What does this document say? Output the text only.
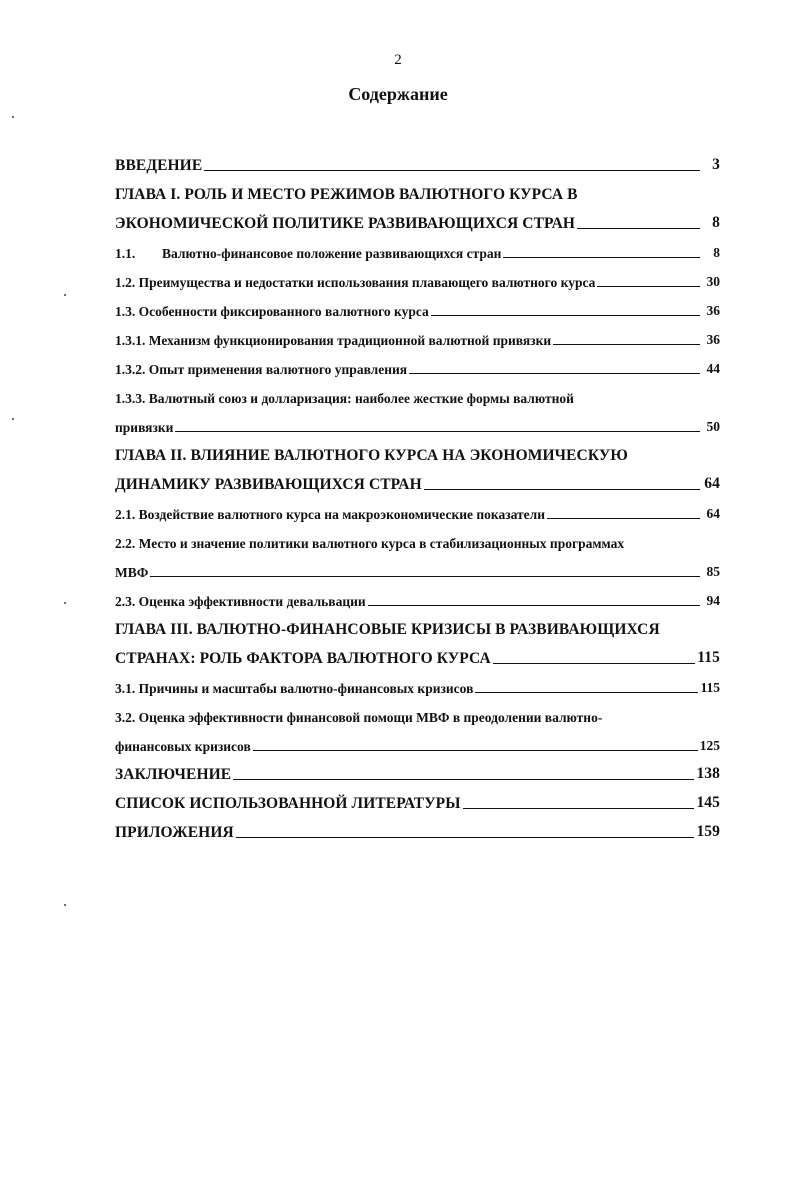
2
Содержание
ВВЕДЕНИЕ	3
ГЛАВА I. РОЛЬ И МЕСТО РЕЖИМОВ ВАЛЮТНОГО КУРСА В
ЭКОНОМИЧЕСКОЙ ПОЛИТИКЕ РАЗВИВАЮЩИХСЯ СТРАН	8
1.1.	Валютно-финансовое положение развивающихся стран	8
1.2. Преимущества и недостатки использования плавающего валютного курса	30
1.3. Особенности фиксированного валютного курса	36
1.3.1. Механизм функционирования традиционной валютной привязки	36
1.3.2. Опыт применения валютного управления	44
1.3.3. Валютный союз и долларизация: наиболее жесткие формы валютной
привязки	50
ГЛАВА II. ВЛИЯНИЕ ВАЛЮТНОГО КУРСА НА ЭКОНОМИЧЕСКУЮ
ДИНАМИКУ РАЗВИВАЮЩИХСЯ СТРАН	64
2.1. Воздействие валютного курса на макроэкономические показатели	64
2.2. Место и значение политики валютного курса в стабилизационных программах
МВФ	85
2.3. Оценка эффективности девальвации	94
ГЛАВА III. ВАЛЮТНО-ФИНАНСОВЫЕ КРИЗИСЫ В РАЗВИВАЮЩИХСЯ
СТРАНАХ: РОЛЬ ФАКТОРА ВАЛЮТНОГО КУРСА	115
3.1. Причины и масштабы валютно-финансовых кризисов	115
3.2. Оценка эффективности финансовой помощи МВФ в преодолении валютно-
финансовых кризисов	125
ЗАКЛЮЧЕНИЕ	138
СПИСОК ИСПОЛЬЗОВАННОЙ ЛИТЕРАТУРЫ	145
ПРИЛОЖЕНИЯ	159
